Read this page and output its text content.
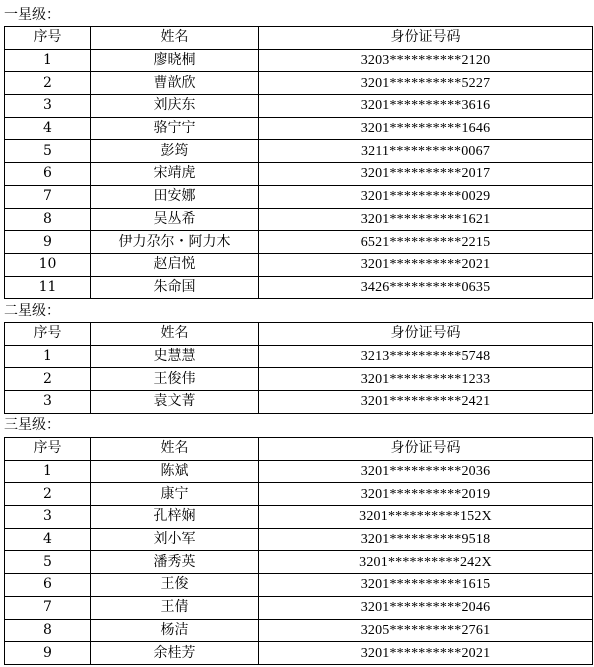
一星级：
序号	姓名	身份证号码
1	廖晓桐	3203**********2120
2	曹歆欣	3201**********5227
3	刘庆东	3201**********3616
4	骆宁宁	3201**********1646
5	彭筠	3211**********0067
6	宋靖虎	3201**********2017
7	田安娜	3201**********0029
8	吴丛希	3201**********1621
9	伊力尕尔・阿力木	6521**********2215
10	赵启悦	3201**********2021
11	朱命国	3426**********0635
二星级：
序号	姓名	身份证号码
1	史慧慧	3213**********5748
2	王俊伟	3201**********1233
3	袁文菁	3201**********2421
三星级：
序号	姓名	身份证号码
1	陈斌	3201**********2036
2	康宁	3201**********2019
3	孔梓娴	3201**********152X
4	刘小军	3201**********9518
5	潘秀英	3201**********242X
6	王俊	3201**********1615
7	王倩	3201**********2046
8	杨洁	3205**********2761
9	余桂芳	3201**********2021
